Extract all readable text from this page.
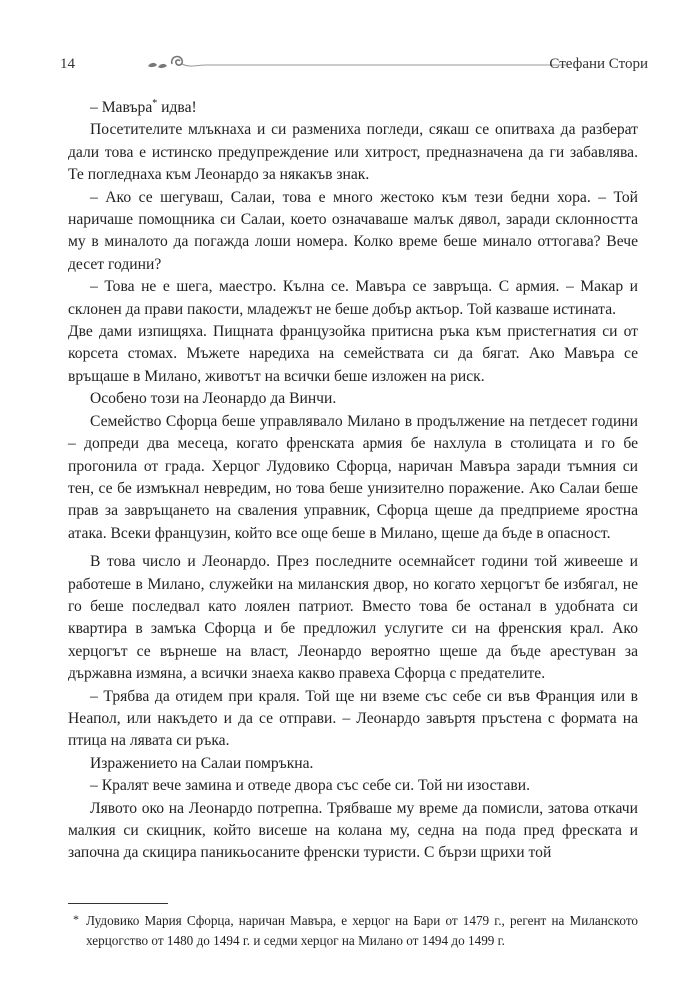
14	Стефани Стори

– Мавъра* идва!

Посетителите млъкнаха и си размениха погледи, сякаш се опитваха да разберат дали това е истинско предупреждение или хитрост, предназначена да ги забавлява. Те погледнаха към Леонардо за някакъв знак.

– Ако се шегуваш, Салаи, това е много жестоко към тези бедни хора. – Той наричаше помощника си Салаи, което означаваше малък дявол, заради склонността му в миналото да погажда лоши номера. Колко време беше минало оттогава? Вече десет години?

– Това не е шега, маестро. Кълна се. Мавъра се завръща. С армия. – Макар и склонен да прави пакости, младежът не беше добър актьор. Той казваше истината.

Две дами изпищяха. Пищната французойка притисна ръка към пристегнатия си от корсета стомах. Мъжете наредиха на семействата си да бягат. Ако Мавъра се връщаше в Милано, животът на всички беше изложен на риск.

Особено този на Леонардо да Винчи.

Семейство Сфорца беше управлявало Милано в продължение на петдесет години – допреди два месеца, когато френската армия бе нахлула в столицата и го бе прогонила от града. Херцог Лудовико Сфорца, наричан Мавъра заради тъмния си тен, се бе измъкнал невредим, но това беше унизително поражение. Ако Салаи беше прав за завръщането на сваления управник, Сфорца щеше да предприеме яростна атака. Всеки французин, който все още беше в Милано, щеше да бъде в опасност.

В това число и Леонардо. През последните осемнайсет години той живееше и работеше в Милано, служейки на миланския двор, но когато херцогът бе избягал, не го беше последвал като лоялен патриот. Вместо това бе останал в удобната си квартира в замъка Сфорца и бе предложил услугите си на френския крал. Ако херцогът се върнеше на власт, Леонардо вероятно щеше да бъде арестуван за държавна измяна, а всички знаеха какво правеха Сфорца с предателите.

– Трябва да отидем при краля. Той ще ни вземе със себе си във Франция или в Неапол, или накъдето и да се отправи. – Леонардо завъртя пръстена с формата на птица на лявата си ръка.

Изражението на Салаи помръкна.

– Кралят вече замина и отведе двора със себе си. Той ни изостави.

Лявото око на Леонардо потрепна. Трябваше му време да помисли, затова откачи малкия си скицник, който висеше на колана му, седна на пода пред фреската и започна да скицира паникьосаните френски туристи. С бързи щрихи той

* Лудовико Мария Сфорца, наричан Мавъра, е херцог на Бари от 1479 г., регент на Миланското херцогство от 1480 до 1494 г. и седми херцог на Милано от 1494 до 1499 г.
